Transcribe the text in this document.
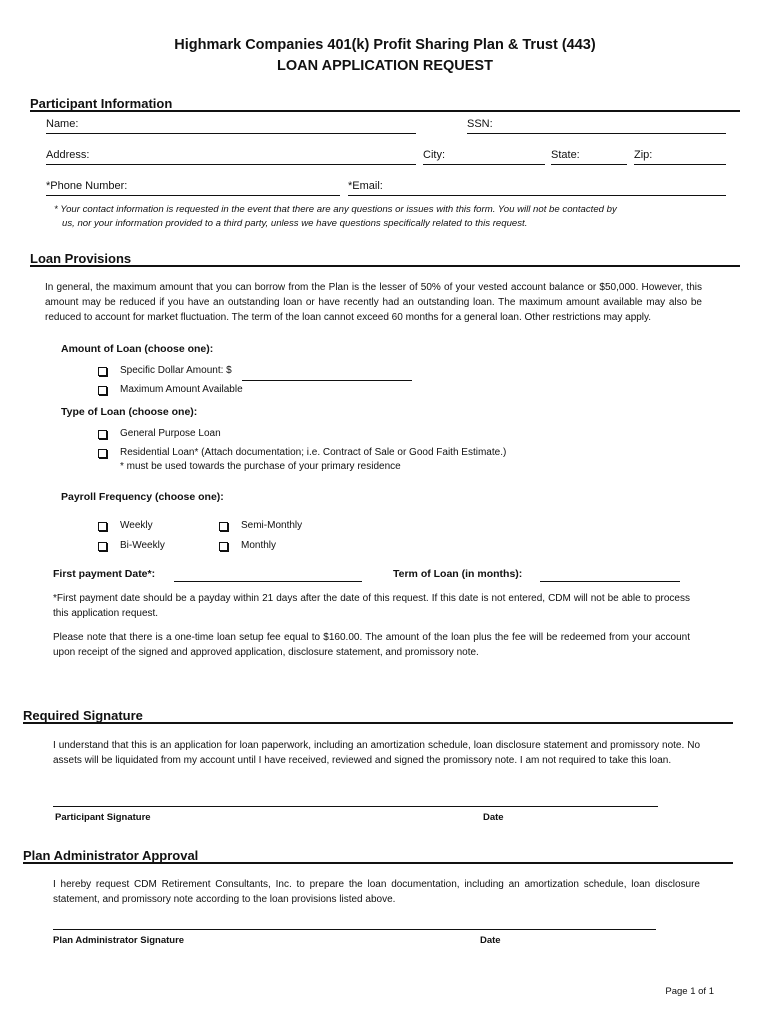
Highmark Companies 401(k) Profit Sharing Plan & Trust (443)
LOAN APPLICATION REQUEST
Participant Information
Name:	SSN:
Address:	City:	State:	Zip:
*Phone Number:	*Email:
* Your contact information is requested in the event that there are any questions or issues with this form. You will not be contacted by
us, nor your information provided to a third party, unless we have questions specifically related to this request.
Loan Provisions
In general, the maximum amount that you can borrow from the Plan is the lesser of 50% of your vested account balance or $50,000. However, this amount may be reduced if you have an outstanding loan or have recently had an outstanding loan. The maximum amount available may also be reduced to account for market fluctuation. The term of the loan cannot exceed 60 months for a general loan. Other restrictions may apply.
Amount of Loan (choose one):
Specific Dollar Amount: $
Maximum Amount Available
Type of Loan (choose one):
General Purpose Loan
Residential Loan* (Attach documentation; i.e. Contract of Sale or Good Faith Estimate.)
* must be used towards the purchase of your primary residence
Payroll Frequency (choose one):
Weekly	Semi-Monthly
Bi-Weekly	Monthly
First payment Date*:	Term of Loan (in months):
*First payment date should be a payday within 21 days after the date of this request. If this date is not entered, CDM will not be able to process this application request.
Please note that there is a one-time loan setup fee equal to $160.00. The amount of the loan plus the fee will be redeemed from your account upon receipt of the signed and approved application, disclosure statement, and promissory note.
Required Signature
I understand that this is an application for loan paperwork, including an amortization schedule, loan disclosure statement and promissory note. No assets will be liquidated from my account until I have received, reviewed and signed the promissory note. I am not required to take this loan.
Participant Signature	Date
Plan Administrator Approval
I hereby request CDM Retirement Consultants, Inc. to prepare the loan documentation, including an amortization schedule, loan disclosure statement, and promissory note according to the loan provisions listed above.
Plan Administrator Signature	Date
Page 1 of 1
